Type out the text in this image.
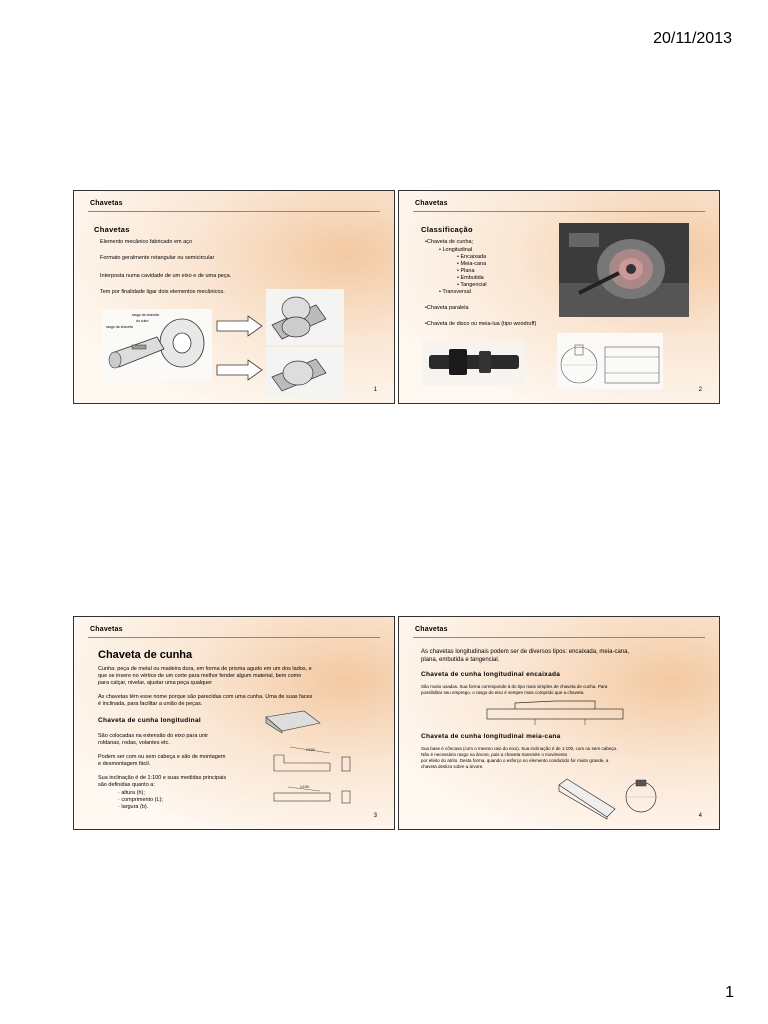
20/11/2013
Chavetas
Chavetas
Elemento mecânico fabricado em aço
Formato geralmente retangular ou semicircular
Interposta numa cavidade de um eixo e de uma peça.
Tem por finalidade ligar dois elementos mecânicos.
rasgo da chaveta
do cubo
rasgo da chaveta
1
Chavetas
Classificação
•Chaveta de cunha;
• Longitudinal
• Encaixada
• Meia-cana
• Plana
• Embutida
• Tangencial
• Transversal
•Chaveta paralela
•Chaveta de disco ou meia-lua (tipo woodruff)
2
Chavetas
Chaveta de cunha
Cunha: peça de metal ou madeira dura, em forma de prisma agudo em um dos lados, e
que se insere no vértice de um corte para melhor fender algum material, bem como
para calçar, nivelar, ajustar uma peça qualquer
As chavetas têm esse nome porque são parecidas com uma cunha. Uma de suas faces
é inclinada, para facilitar a união de peças.
Chaveta de cunha longitudinal
São colocadas na extensão do eixo para unir
roldanas, rodas, volantes etc.
Podem ser com ou sem cabeça e são de montagem
e desmontagem fácil.
Sua inclinação é de 1:100 e suas medidas principais
são definidas quanto a:
· altura (h);
· comprimento (L);
· largura (b).
1:100
1:100
3
Chavetas
As chavetas longitudinais podem ser de diversos tipos: encaixada, meia-cana,
plana, embutida e tangencial.
Chaveta de cunha longitudinal encaixada
São muito usadas. Sua forma corresponde à do tipo mais simples de chaveta de cunha. Para
possibilitar seu emprego, o rasgo do eixo é sempre mais comprido que a chaveta.
Chaveta de cunha longitudinal meia-cana
Sua base é côncava (com o mesmo raio do eixo). Sua inclinação é de 1:100, com ou sem cabeça.
Não é necessário rasgo na árvore, pois a chaveta transmite o movimento
por efeito do atrito. Desta forma, quando o esforço no elemento conduzido for muito grande, a
chaveta desliza sobre a árvore.
4
1
